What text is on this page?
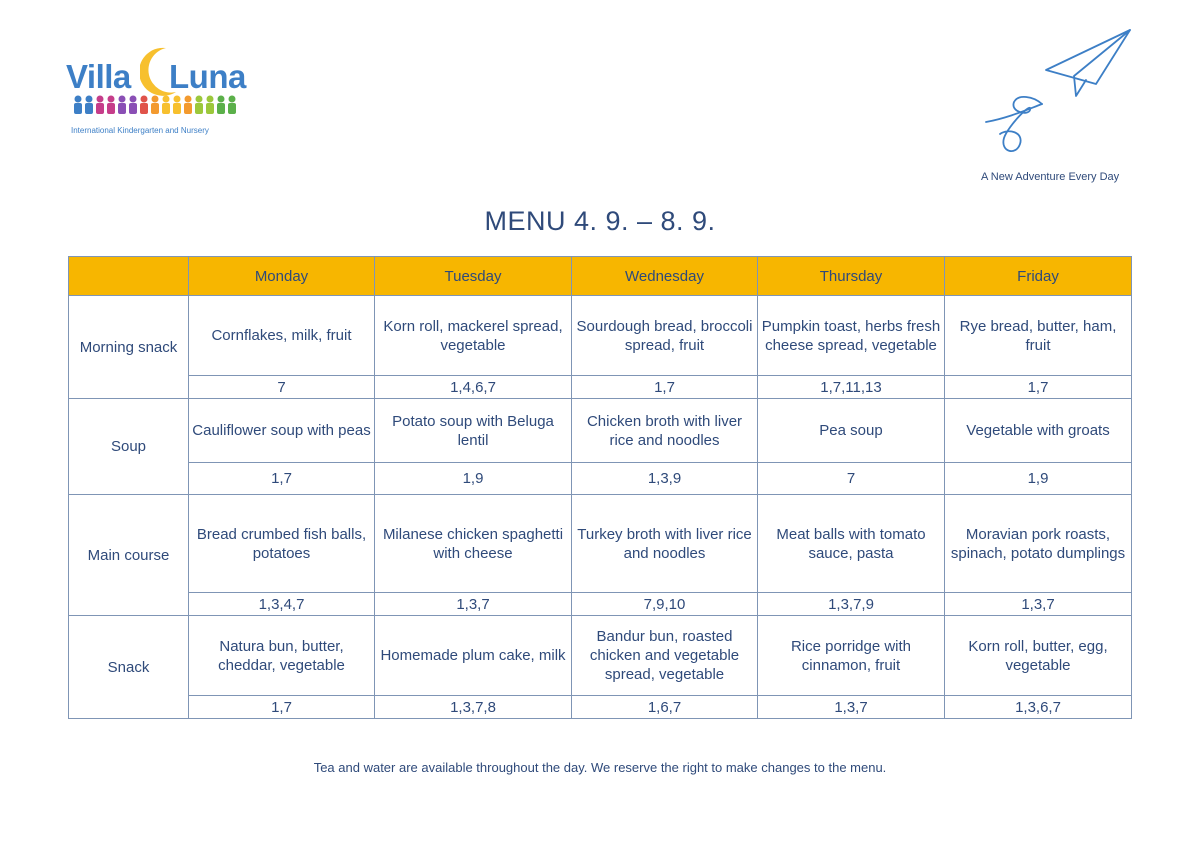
Villa Luna
International Kindergarten and Nursery
A New Adventure Every Day
MENU 4. 9. – 8. 9.
	Monday	Tuesday	Wednesday	Thursday	Friday
Morning snack	Cornflakes, milk, fruit	Korn roll, mackerel spread, vegetable	Sourdough bread, broccoli spread, fruit	Pumpkin toast, herbs fresh cheese spread, vegetable	Rye bread, butter, ham, fruit
	7	1,4,6,7	1,7	1,7,11,13	1,7
Soup	Cauliflower soup with peas	Potato soup with Beluga lentil	Chicken broth with liver rice and noodles	Pea soup	Vegetable with groats
	1,7	1,9	1,3,9	7	1,9
Main course	Bread crumbed fish balls, potatoes	Milanese chicken spaghetti with cheese	Turkey broth with liver rice and noodles	Meat balls with tomato sauce, pasta	Moravian pork roasts, spinach, potato dumplings
	1,3,4,7	1,3,7	7,9,10	1,3,7,9	1,3,7
Snack	Natura bun, butter, cheddar, vegetable	Homemade plum cake, milk	Bandur bun, roasted chicken and vegetable spread, vegetable	Rice porridge with cinnamon, fruit	Korn roll, butter, egg, vegetable
	1,7	1,3,7,8	1,6,7	1,3,7	1,3,6,7
Tea and water are available throughout the day. We reserve the right to make changes to the menu.
